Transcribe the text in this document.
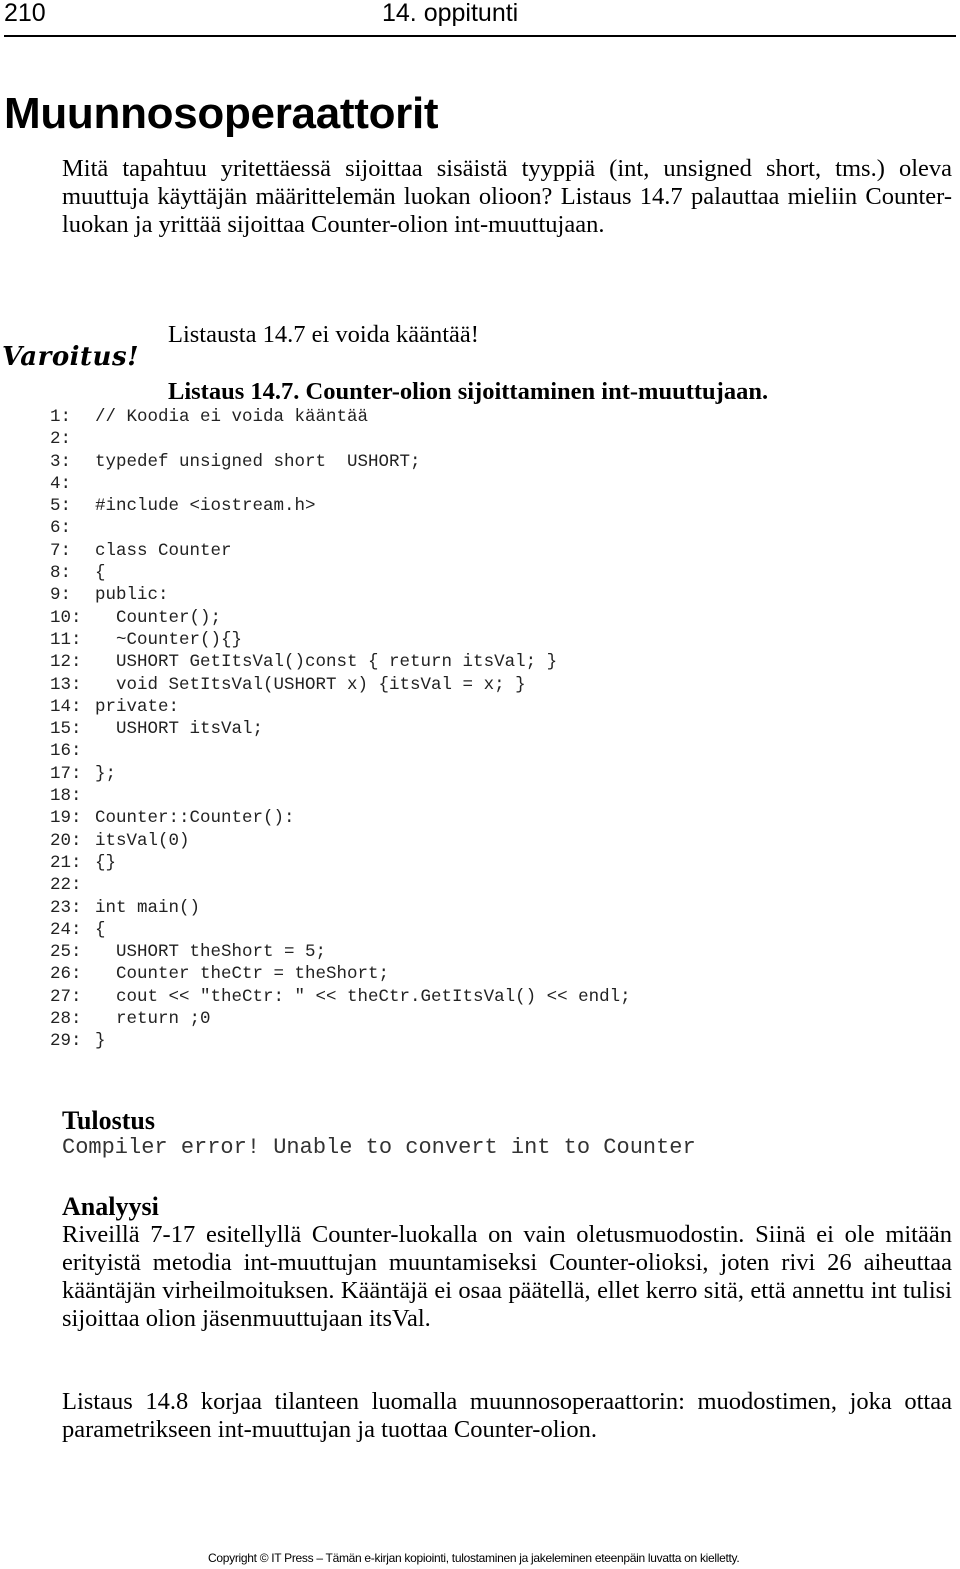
210	14. oppitunti
Muunnosoperaattorit
Mitä tapahtuu yritettäessä sijoittaa sisäistä tyyppiä (int, unsigned short, tms.) oleva muuttuja käyttäjän määrittelemän luokan olioon? Listaus 14.7 palauttaa mieliin Counter-luokan ja yrittää sijoittaa Counter-olion int-muuttujaan.
Varoitus!
Listausta 14.7 ei voida kääntää!
Listaus 14.7. Counter-olion sijoittaminen int-muuttujaan.
1: // Koodia ei voida kääntää
2:
3: typedef unsigned short  USHORT;
4:
5: #include <iostream.h>
6:
7: class Counter
8: {
9: public:
10:  Counter();
11:  ~Counter(){}
12:  USHORT GetItsVal()const { return itsVal; }
13:  void SetItsVal(USHORT x) {itsVal = x; }
14: private:
15:  USHORT itsVal;
16:
17: };
18:
19: Counter::Counter():
20: itsVal(0)
21: {}
22:
23: int main()
24: {
25:  USHORT theShort = 5;
26:  Counter theCtr = theShort;
27:  cout << "theCtr: " << theCtr.GetItsVal() << endl;
28:  return ;0
29: }
Tulostus
Compiler error! Unable to convert int to Counter
Analyysi
Riveillä 7-17 esitellyllä Counter-luokalla on vain oletusmuodostin. Siinä ei ole mitään erityistä metodia int-muuttujan muuntamiseksi Counter-olioksi, joten rivi 26 aiheuttaa kääntäjän virheilmoituksen. Kääntäjä ei osaa päätellä, ellet kerro sitä, että annettu int tulisi sijoittaa olion jäsenmuuttujaan itsVal.
Listaus 14.8 korjaa tilanteen luomalla muunnosoperaattorin: muodostimen, joka ottaa parametrikseen int-muuttujan ja tuottaa Counter-olion.
Copyright © IT Press – Tämän e-kirjan kopiointi, tulostaminen ja jakeleminen eteenpäin luvatta on kielletty.
